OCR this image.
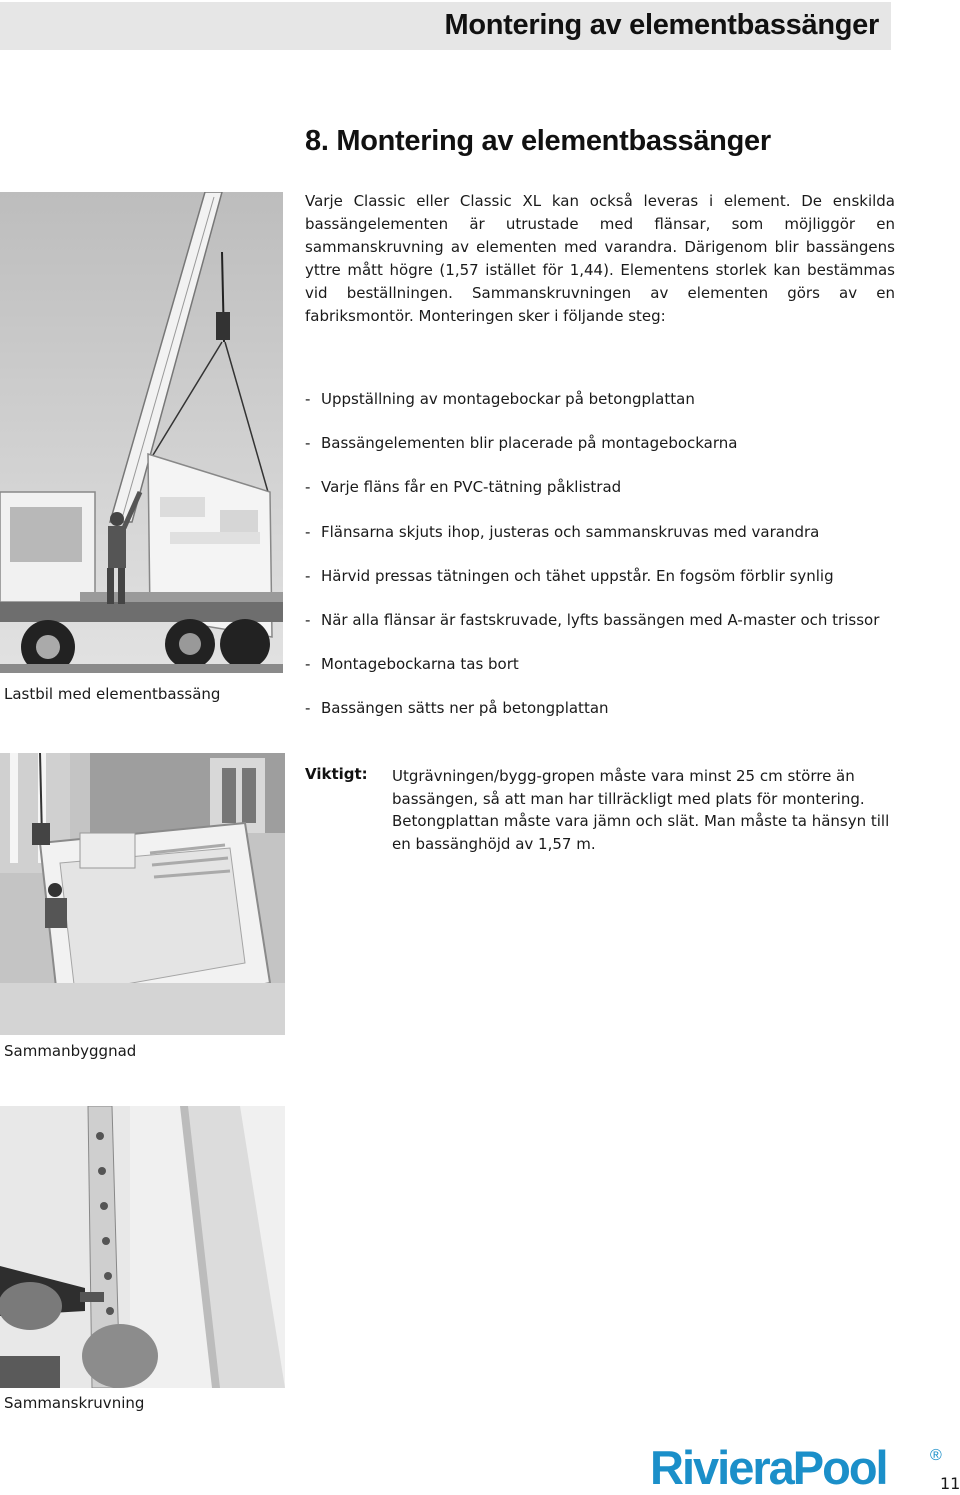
Montering av elementbassänger
8. Montering av elementbassänger

Varje Classic eller Classic XL kan också leveras i element. De enskilda bassängelementen är utrustade med flänsar, som möjliggör en sammanskruvning av elementen med varandra. Därigenom blir bassängens yttre mått högre (1,57 istället för 1,44). Elementens storlek kan bestämmas vid beställningen. Sammanskruvningen av elementen görs av en fabriksmontör. Monteringen sker i följande steg:

- Uppställning av montagebockar på betongplattan
- Bassängelementen blir placerade på montagebockarna
- Varje fläns får en PVC-tätning påklistrad
- Flänsarna skjuts ihop, justeras och sammanskruvas med varandra
- Härvid pressas tätningen och tähet uppstår. En fogsöm förblir synlig
- När alla flänsar är fastskruvade, lyfts bassängen med A-master och trissor
- Montagebockarna tas bort
- Bassängen sätts ner på betongplattan
Lastbil med elementbassäng
Sammanbyggnad
Sammanskruvning
Viktigt: Utgrävningen/bygg-gropen måste vara minst 25 cm större än bassängen, så att man har tillräckligt med plats för montering. Betongplattan måste vara jämn och slät. Man måste ta hänsyn till en bassänghöjd av 1,57 m.
RivieraPool	®
11
